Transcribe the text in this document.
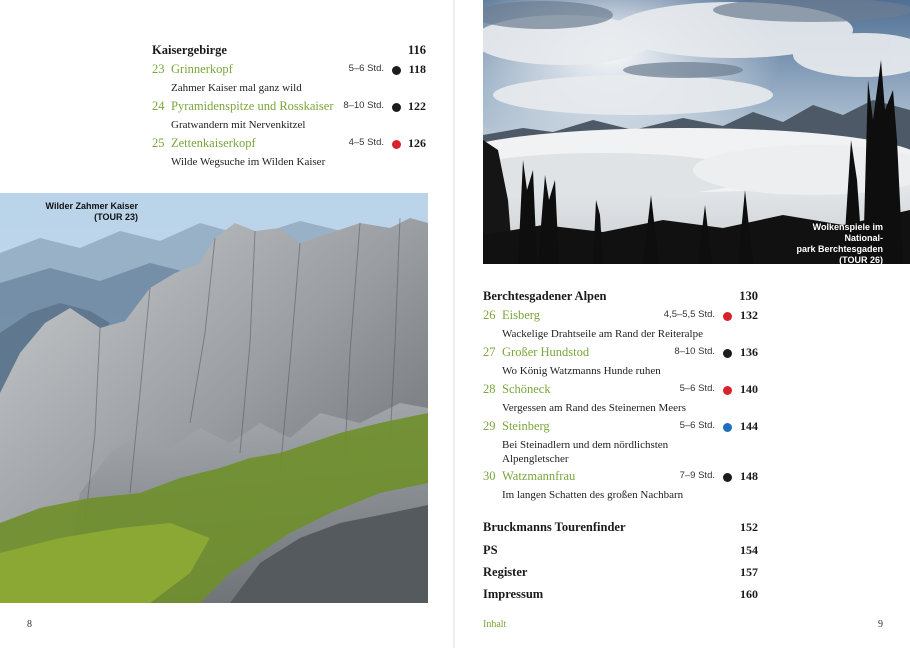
Kaisergebirge	116
23 Grinnerkopf	5–6 Std. 118
Zahmer Kaiser mal ganz wild
24 Pyramidenspitze und Rosskaiser 8–10 Std. 122
Gratwandern mit Nervenkitzel
25 Zettenkaiserkopf	4–5 Std. 126
Wilde Wegsuche im Wilden Kaiser
Wilder Zahmer Kaiser
(TOUR 23)
8
Wolkenspiele im National-
park Berchtesgaden
(TOUR 26)
Berchtesgadener Alpen	130
26 Eisberg	4,5–5,5 Std. 132
Wackelige Drahtseile am Rand der Reiteralpe
27 Großer Hundstod	8–10 Std. 136
Wo König Watzmanns Hunde ruhen
28 Schöneck	5–6 Std. 140
Vergessen am Rand des Steinernen Meers
29 Steinberg	5–6 Std. 144
Bei Steinadlern und dem nördlichsten
Alpengletscher
30 Watzmannfrau	7–9 Std. 148
Im langen Schatten des großen Nachbarn
Bruckmanns Tourenfinder	152
PS	154
Register	157
Impressum	160
Inhalt	9
